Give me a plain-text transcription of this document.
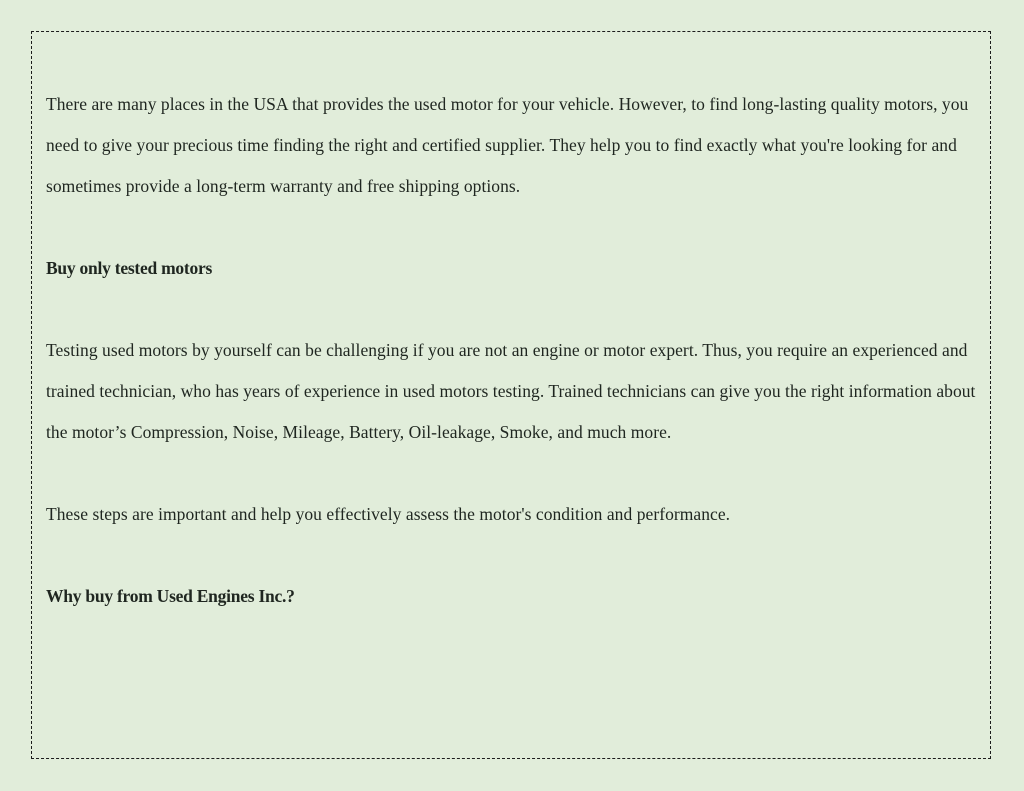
There are many places in the USA that provides the used motor for your vehicle. However, to find long-lasting quality motors, you need to give your precious time finding the right and certified supplier. They help you to find exactly what you're looking for and sometimes provide a long-term warranty and free shipping options.

Buy only tested motors

Testing used motors by yourself can be challenging if you are not an engine or motor expert. Thus, you require an experienced and trained technician, who has years of experience in used motors testing. Trained technicians can give you the right information about the motor’s Compression, Noise, Mileage, Battery, Oil-leakage, Smoke, and much more.

These steps are important and help you effectively assess the motor's condition and performance.

Why buy from Used Engines Inc.?
